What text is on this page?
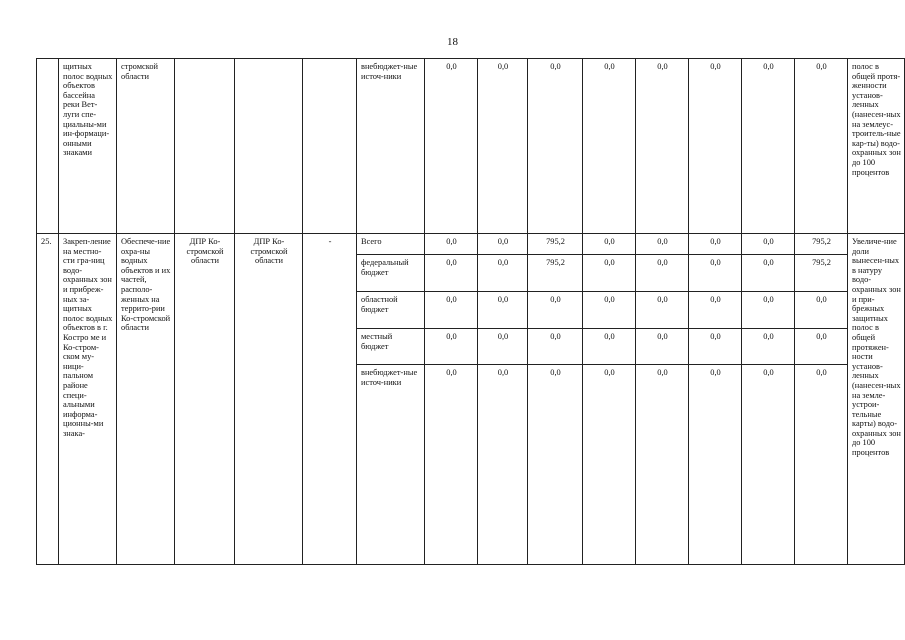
18
	щитных полос водных объектов бассейна реки Вет-луги спе-циальны-ми ин-формаци-онными знаками	стромской области				внебюджет-ные источ-ники	0,0	0,0	0,0	0,0	0,0	0,0	0,0	0,0	полос в общей протя-женности установ-ленных (нанесен-ных на землеус-троитель-ные кар-ты) водо-охранных зон до 100 процентов
25.	Закреп-ление на местно-сти гра-ниц водо-охранных зон и прибреж-ных за-щитных полос водных объектов в г. Костро ме и Ко-стром-ском му-ници-пальном районе специ-альными информа-ционны-ми знака-	Обеспече-ние охра-ны водных объектов и их частей, располо-женных на террито-рии Ко-стромской области	ДПР Ко-стромской области	ДПР Ко-стромской области	-	Всего	0,0	0,0	795,2	0,0	0,0	0,0	0,0	795,2	Увеличе-ние доли вынесен-ных в натуру водо-охранных зон и при-брежных защитных полос в общей протяжен-ности установ-ленных (нанесен-ных на земле-устрои-тельные карты) водо-охранных зон до 100 процентов
						федеральный бюджет	0,0	0,0	795,2	0,0	0,0	0,0	0,0	795,2	
						областной бюджет	0,0	0,0	0,0	0,0	0,0	0,0	0,0	0,0	
						местный бюджет	0,0	0,0	0,0	0,0	0,0	0,0	0,0	0,0	
						внебюджет-ные источ-ники	0,0	0,0	0,0	0,0	0,0	0,0	0,0	0,0	
